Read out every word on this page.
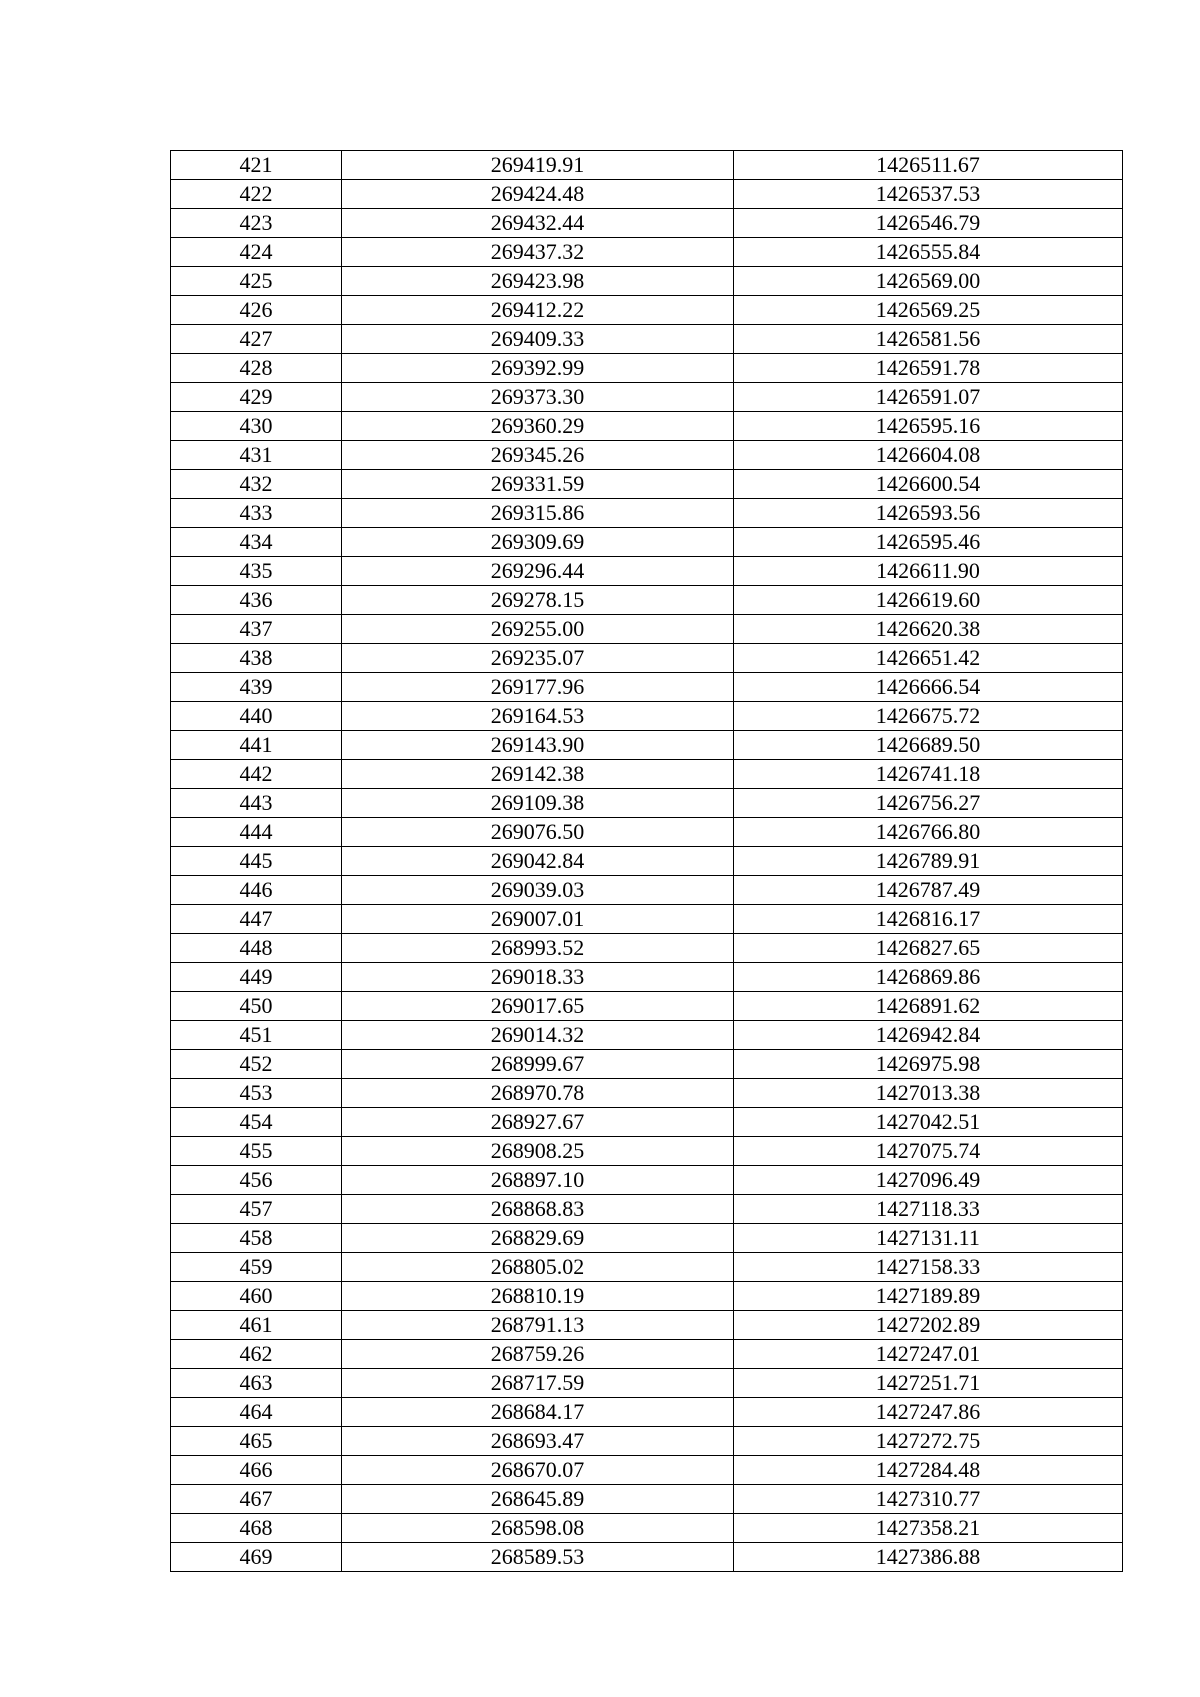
421	269419.91	1426511.67
422	269424.48	1426537.53
423	269432.44	1426546.79
424	269437.32	1426555.84
425	269423.98	1426569.00
426	269412.22	1426569.25
427	269409.33	1426581.56
428	269392.99	1426591.78
429	269373.30	1426591.07
430	269360.29	1426595.16
431	269345.26	1426604.08
432	269331.59	1426600.54
433	269315.86	1426593.56
434	269309.69	1426595.46
435	269296.44	1426611.90
436	269278.15	1426619.60
437	269255.00	1426620.38
438	269235.07	1426651.42
439	269177.96	1426666.54
440	269164.53	1426675.72
441	269143.90	1426689.50
442	269142.38	1426741.18
443	269109.38	1426756.27
444	269076.50	1426766.80
445	269042.84	1426789.91
446	269039.03	1426787.49
447	269007.01	1426816.17
448	268993.52	1426827.65
449	269018.33	1426869.86
450	269017.65	1426891.62
451	269014.32	1426942.84
452	268999.67	1426975.98
453	268970.78	1427013.38
454	268927.67	1427042.51
455	268908.25	1427075.74
456	268897.10	1427096.49
457	268868.83	1427118.33
458	268829.69	1427131.11
459	268805.02	1427158.33
460	268810.19	1427189.89
461	268791.13	1427202.89
462	268759.26	1427247.01
463	268717.59	1427251.71
464	268684.17	1427247.86
465	268693.47	1427272.75
466	268670.07	1427284.48
467	268645.89	1427310.77
468	268598.08	1427358.21
469	268589.53	1427386.88
